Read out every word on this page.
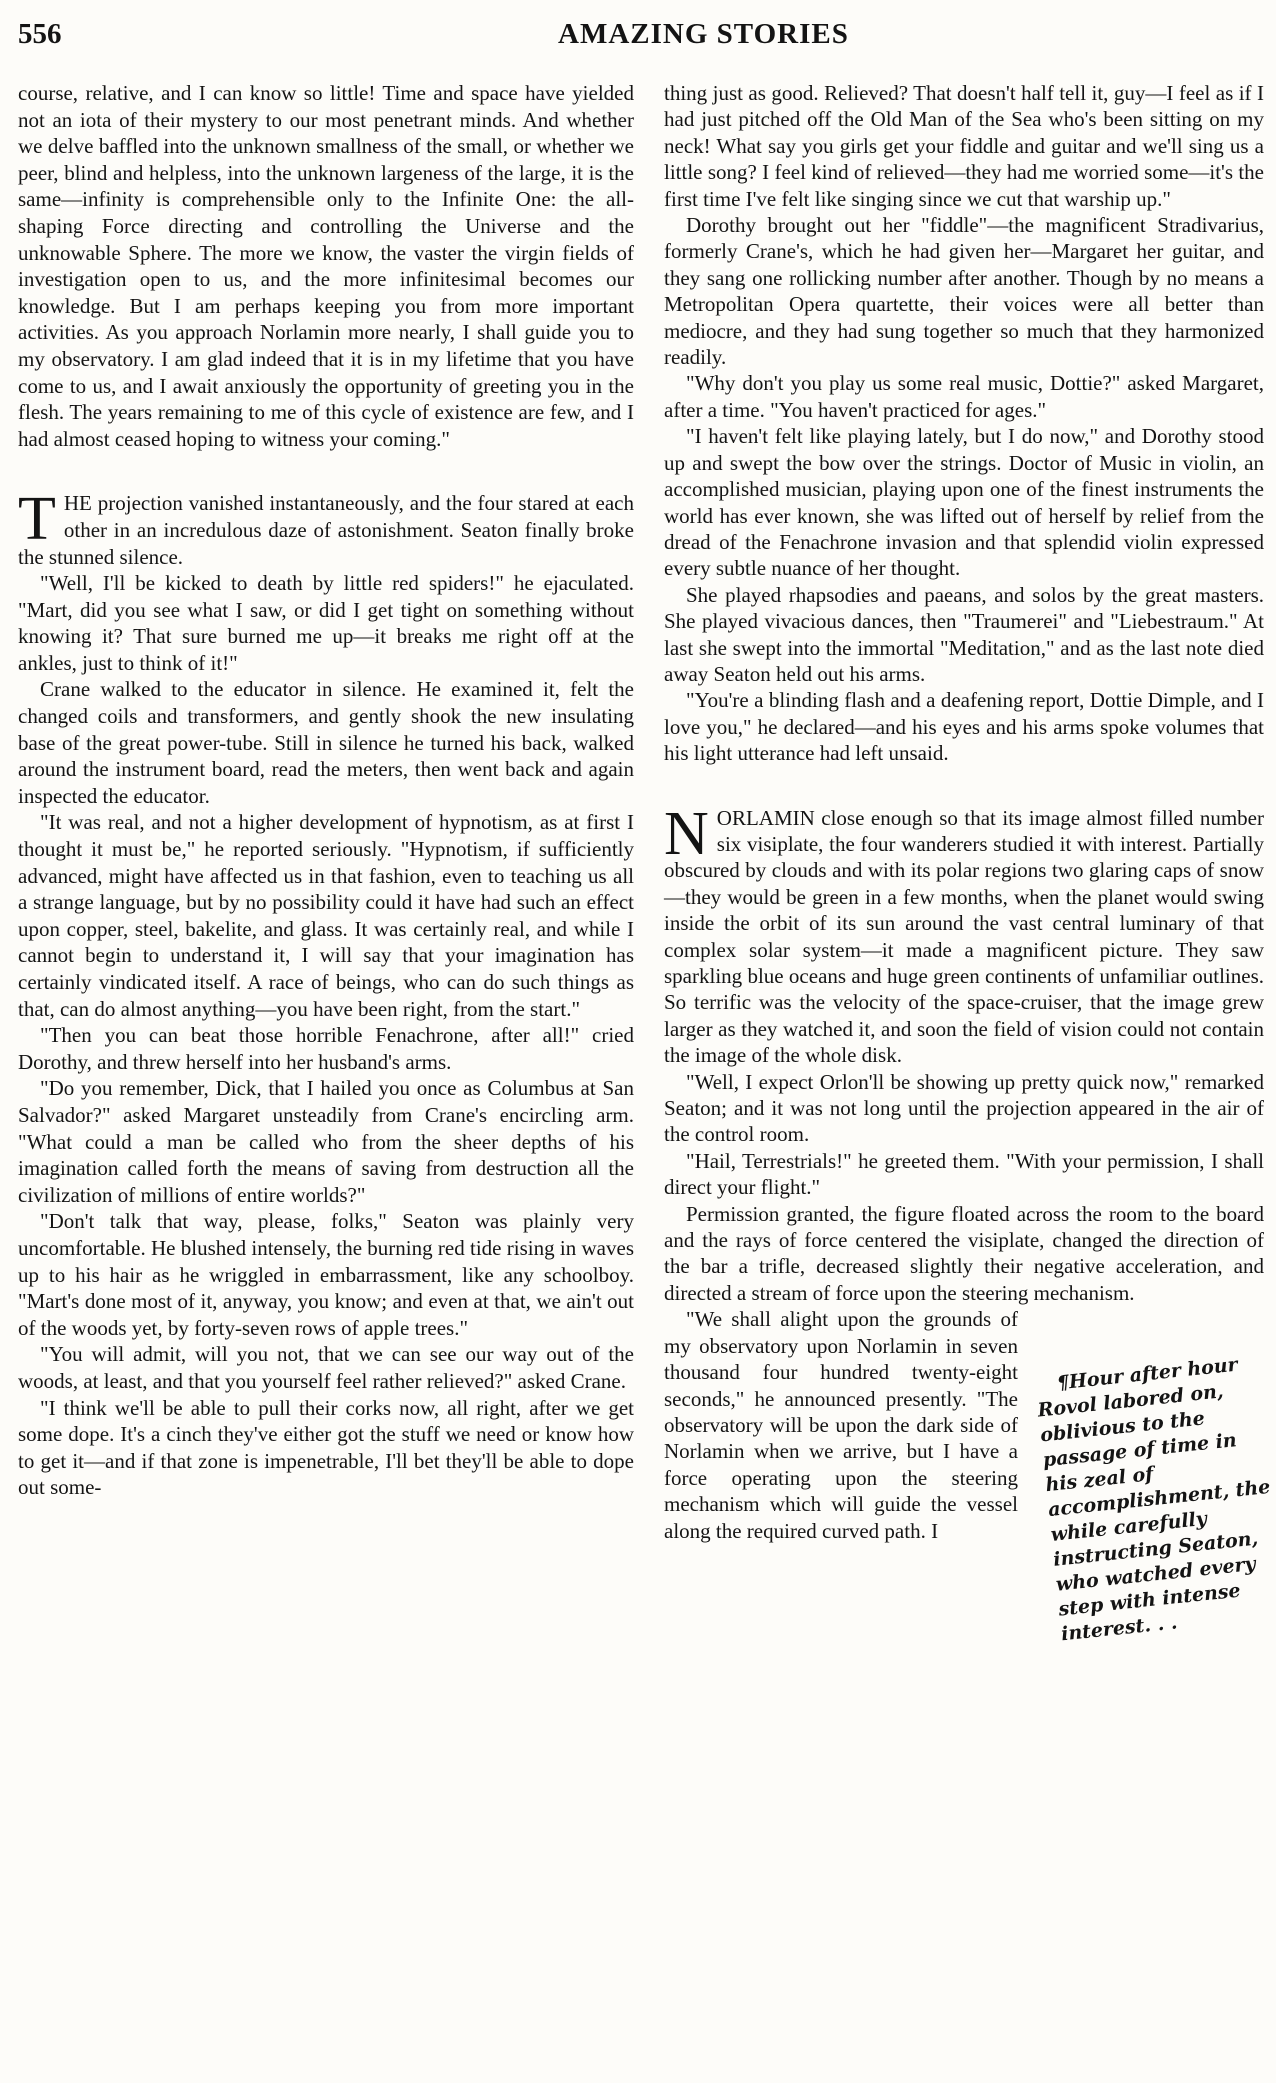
556	AMAZING STORIES

course, relative, and I can know so little! Time and space have yielded not an iota of their mystery to our most penetrant minds. And whether we delve baffled into the unknown smallness of the small, or whether we peer, blind and helpless, into the unknown largeness of the large, it is the same—infinity is comprehensible only to the Infinite One: the all-shaping Force directing and controlling the Universe and the unknowable Sphere. The more we know, the vaster the virgin fields of investigation open to us, and the more infinitesimal becomes our knowledge. But I am perhaps keeping you from more important activities. As you approach Norlamin more nearly, I shall guide you to my observatory. I am glad indeed that it is in my lifetime that you have come to us, and I await anxiously the opportunity of greeting you in the flesh. The years remaining to me of this cycle of existence are few, and I had almost ceased hoping to witness your coming."

THE projection vanished instantaneously, and the four stared at each other in an incredulous daze of astonishment. Seaton finally broke the stunned silence.

"Well, I'll be kicked to death by little red spiders!" he ejaculated. "Mart, did you see what I saw, or did I get tight on something without knowing it? That sure burned me up—it breaks me right off at the ankles, just to think of it!"

Crane walked to the educator in silence. He examined it, felt the changed coils and transformers, and gently shook the new insulating base of the great power-tube. Still in silence he turned his back, walked around the instrument board, read the meters, then went back and again inspected the educator.

"It was real, and not a higher development of hypnotism, as at first I thought it must be," he reported seriously. "Hypnotism, if sufficiently advanced, might have affected us in that fashion, even to teaching us all a strange language, but by no possibility could it have had such an effect upon copper, steel, bakelite, and glass. It was certainly real, and while I cannot begin to understand it, I will say that your imagination has certainly vindicated itself. A race of beings, who can do such things as that, can do almost anything—you have been right, from the start."

"Then you can beat those horrible Fenachrone, after all!" cried Dorothy, and threw herself into her husband's arms.

"Do you remember, Dick, that I hailed you once as Columbus at San Salvador?" asked Margaret unsteadily from Crane's encircling arm. "What could a man be called who from the sheer depths of his imagination called forth the means of saving from destruction all the civilization of millions of entire worlds?"

"Don't talk that way, please, folks," Seaton was plainly very uncomfortable. He blushed intensely, the burning red tide rising in waves up to his hair as he wriggled in embarrassment, like any schoolboy. "Mart's done most of it, anyway, you know; and even at that, we ain't out of the woods yet, by forty-seven rows of apple trees."

"You will admit, will you not, that we can see our way out of the woods, at least, and that you yourself feel rather relieved?" asked Crane.

"I think we'll be able to pull their corks now, all right, after we get some dope. It's a cinch they've either got the stuff we need or know how to get it—and if that zone is impenetrable, I'll bet they'll be able to dope out some-

thing just as good. Relieved? That doesn't half tell it, guy—I feel as if I had just pitched off the Old Man of the Sea who's been sitting on my neck! What say you girls get your fiddle and guitar and we'll sing us a little song? I feel kind of relieved—they had me worried some—it's the first time I've felt like singing since we cut that warship up."

Dorothy brought out her "fiddle"—the magnificent Stradivarius, formerly Crane's, which he had given her—Margaret her guitar, and they sang one rollicking number after another. Though by no means a Metropolitan Opera quartette, their voices were all better than mediocre, and they had sung together so much that they harmonized readily.

"Why don't you play us some real music, Dottie?" asked Margaret, after a time. "You haven't practiced for ages."

"I haven't felt like playing lately, but I do now," and Dorothy stood up and swept the bow over the strings. Doctor of Music in violin, an accomplished musician, playing upon one of the finest instruments the world has ever known, she was lifted out of herself by relief from the dread of the Fenachrone invasion and that splendid violin expressed every subtle nuance of her thought.

She played rhapsodies and paeans, and solos by the great masters. She played vivacious dances, then "Traumerei" and "Liebestraum." At last she swept into the immortal "Meditation," and as the last note died away Seaton held out his arms.

"You're a blinding flash and a deafening report, Dottie Dimple, and I love you," he declared—and his eyes and his arms spoke volumes that his light utterance had left unsaid.

NORLAMIN close enough so that its image almost filled number six visiplate, the four wanderers studied it with interest. Partially obscured by clouds and with its polar regions two glaring caps of snow—they would be green in a few months, when the planet would swing inside the orbit of its sun around the vast central luminary of that complex solar system—it made a magnificent picture. They saw sparkling blue oceans and huge green continents of unfamiliar outlines. So terrific was the velocity of the space-cruiser, that the image grew larger as they watched it, and soon the field of vision could not contain the image of the whole disk.

"Well, I expect Orlon'll be showing up pretty quick now," remarked Seaton; and it was not long until the projection appeared in the air of the control room.

"Hail, Terrestrials!" he greeted them. "With your permission, I shall direct your flight."

Permission granted, the figure floated across the room to the board and the rays of force centered the visiplate, changed the direction of the bar a trifle, decreased slightly their negative acceleration, and directed a stream of force upon the steering mechanism.

¶Hour after hour Rovol labored on, oblivious to the passage of time in his zeal of accomplishment, the while carefully instructing Seaton, who watched every step with intense interest. . .
"We shall alight upon the grounds of my observatory upon Norlamin in seven thousand four hundred twenty-eight seconds," he announced presently. "The observatory will be upon the dark side of Norlamin when we arrive, but I have a force operating upon the steering mechanism which will guide the vessel along the required curved path. I
